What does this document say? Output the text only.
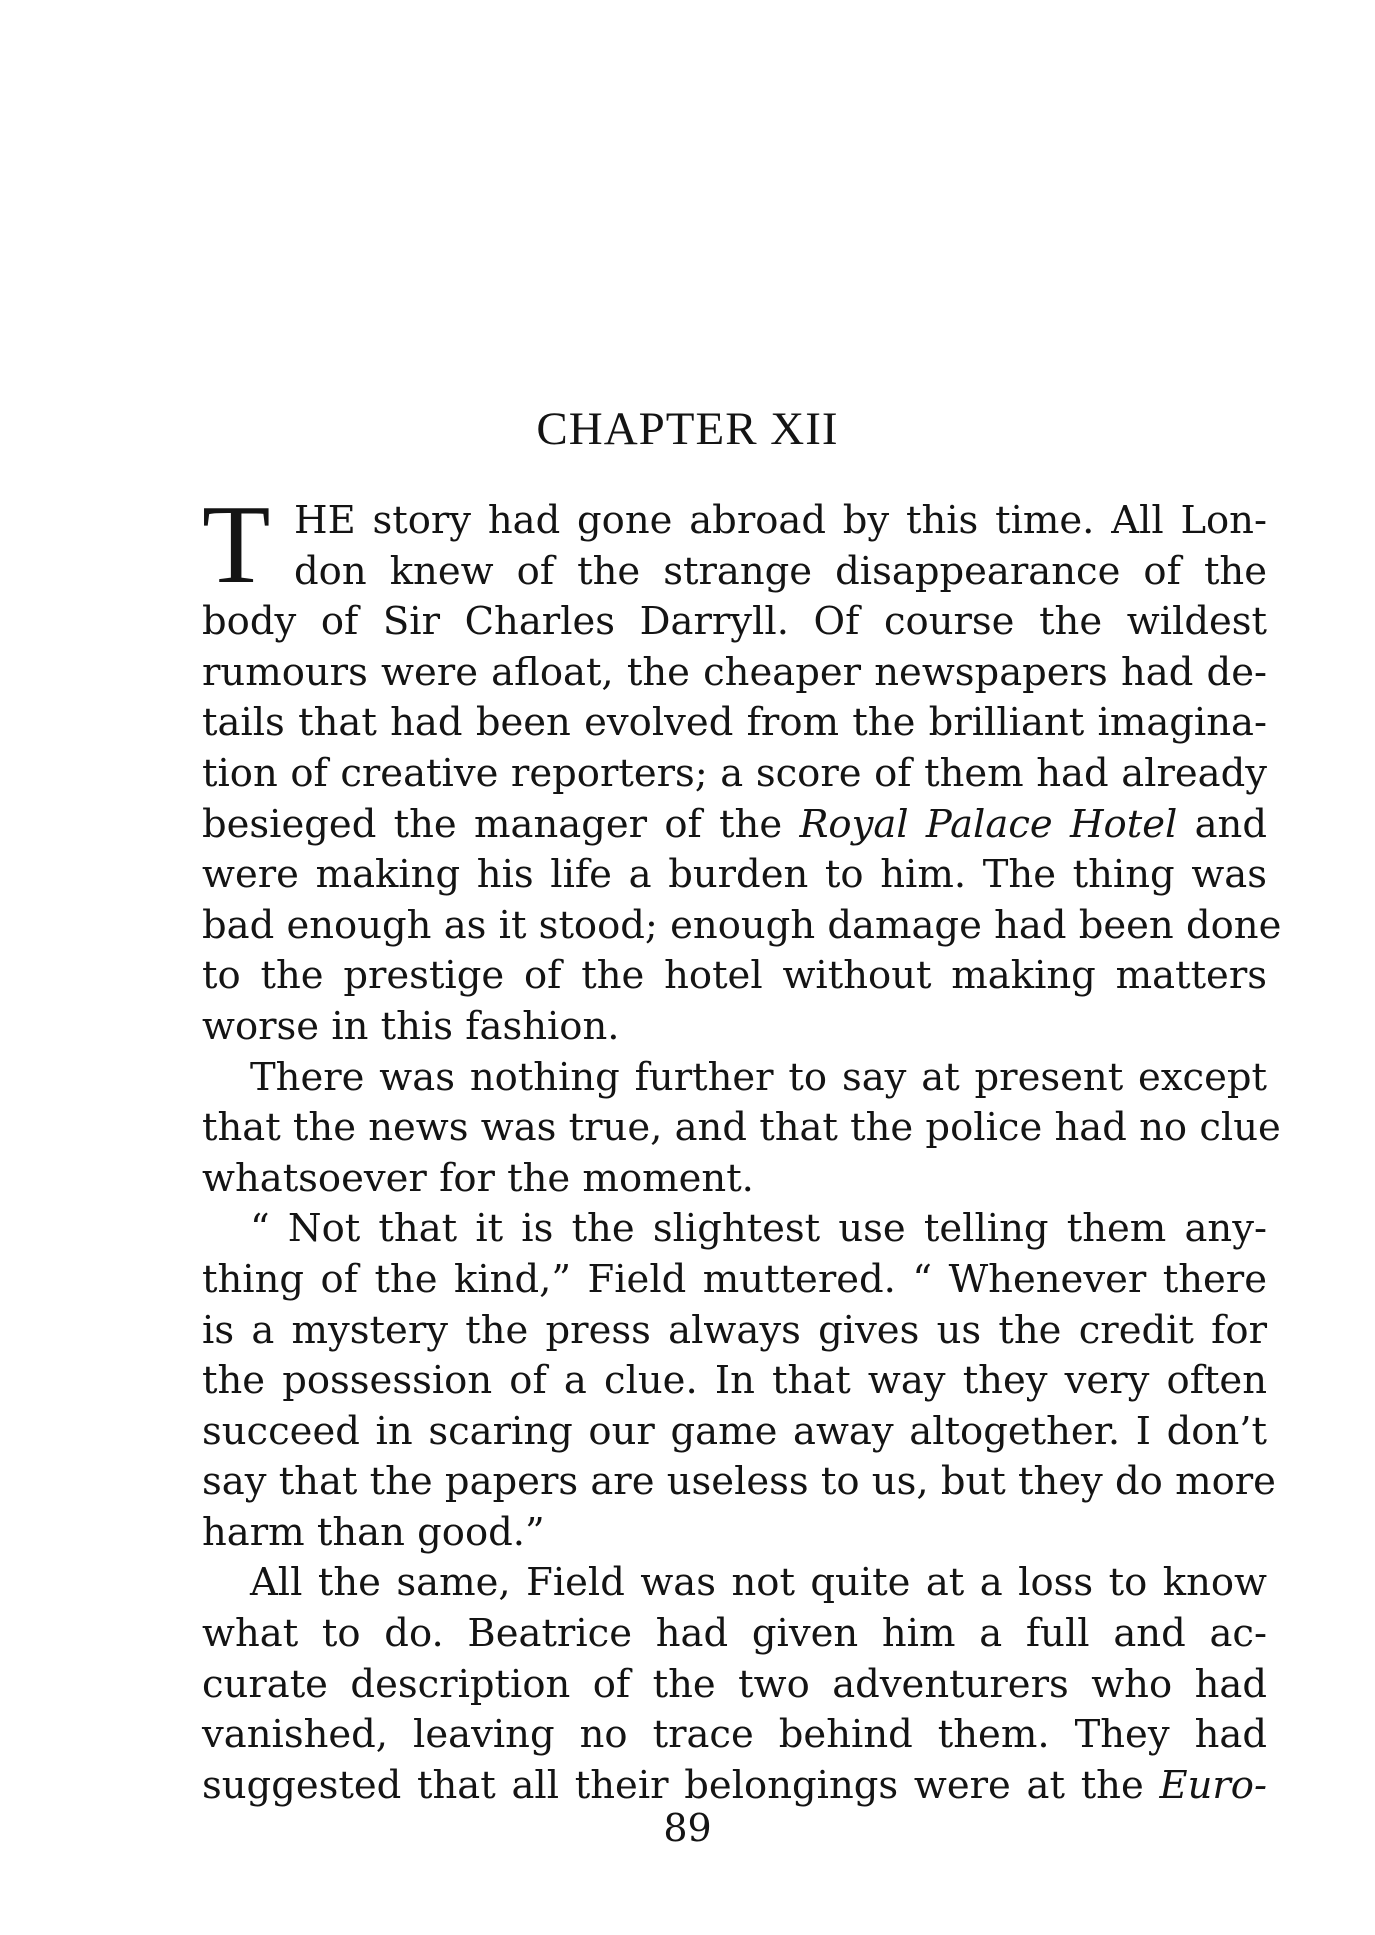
CHAPTER XII
T HE story had gone abroad by this time. All Lon-
don knew of the strange disappearance of the
body of Sir Charles Darryll. Of course the wildest
rumours were afloat, the cheaper newspapers had de-
tails that had been evolved from the brilliant imagina-
tion of creative reporters; a score of them had already
besieged the manager of the Royal Palace Hotel and
were making his life a burden to him. The thing was
bad enough as it stood; enough damage had been done
to the prestige of the hotel without making matters
worse in this fashion.
There was nothing further to say at present except
that the news was true, and that the police had no clue
whatsoever for the moment.
“ Not that it is the slightest use telling them any-
thing of the kind,” Field muttered. “ Whenever there
is a mystery the press always gives us the credit for
the possession of a clue. In that way they very often
succeed in scaring our game away altogether. I don’t
say that the papers are useless to us, but they do more
harm than good.”
All the same, Field was not quite at a loss to know
what to do. Beatrice had given him a full and ac-
curate description of the two adventurers who had
vanished, leaving no trace behind them. They had
suggested that all their belongings were at the Euro-
89
